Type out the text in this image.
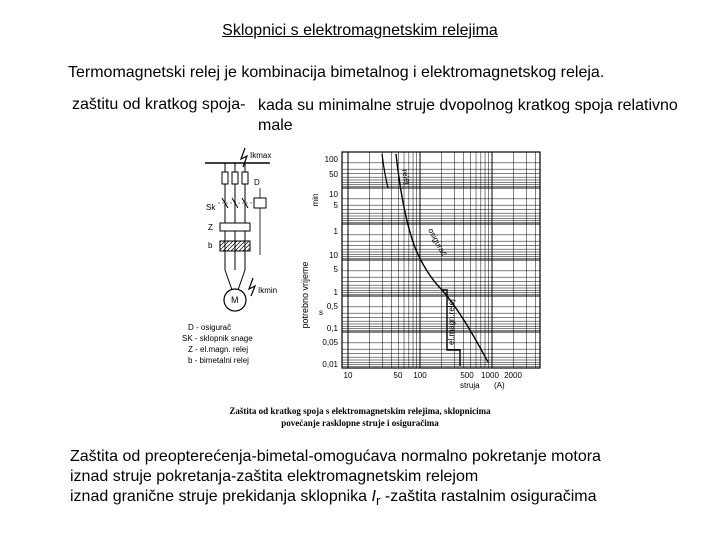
Sklopnici s elektromagnetskim relejima
Termomagnetski relej je kombinacija bimetalnog i elektromagnetskog releja.
zaštitu od kratkog spoja- kada su minimalne struje dvopolnog kratkog spoja relativno male
Ikmax
D
Sk
Z
b
Ikmin
M
D - osigurač
SK - sklopnik snage
Z - el.magn. relej
b - bimetalni relej
potrebno vrijeme
min
s
100
50
10
5
1
10
5
1
0,5
0,1
0,05
0,01
10	50 100	500 1000 2000
struja (A)
relej
osigurač
el.magn.relej
Zaštita od kratkog spoja s elektromagnetskim relejima, sklopnicima
povećanje rasklopne struje i osiguračima
Zaštita od preopterećenja-bimetal-omogućava normalno pokretanje motora
iznad struje pokretanja-zaštita elektromagnetskim relejom
iznad granične struje prekidanja sklopnika $I_r$ -zaštita rastalnim osiguračima
